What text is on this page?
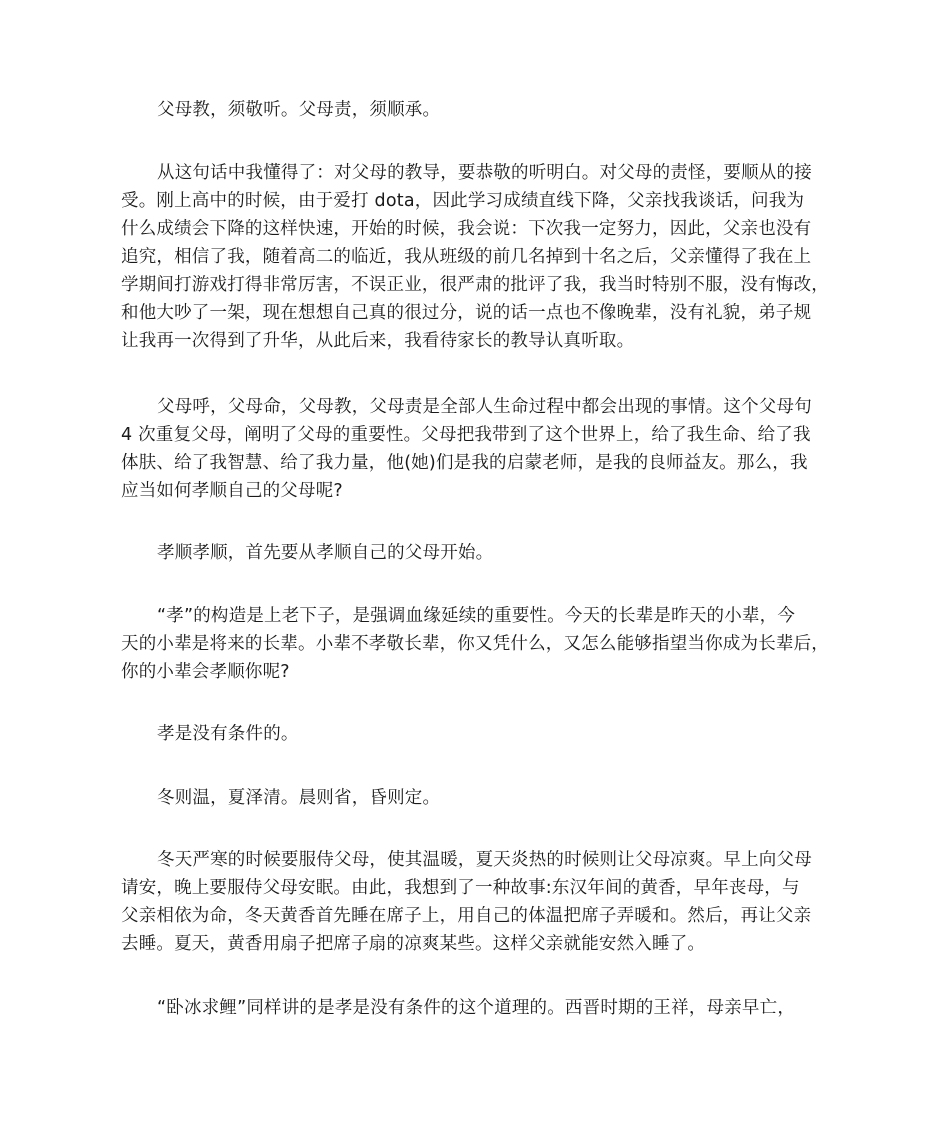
父母教，须敬听。父母责，须顺承。
从这句话中我懂得了：对父母的教导，要恭敬的听明白。对父母的责怪，要顺从的接
受。刚上高中的时候，由于爱打 dota，因此学习成绩直线下降，父亲找我谈话，问我为
什么成绩会下降的这样快速，开始的时候，我会说：下次我一定努力，因此，父亲也没有
追究，相信了我，随着高二的临近，我从班级的前几名掉到十名之后，父亲懂得了我在上
学期间打游戏打得非常厉害，不误正业，很严肃的批评了我，我当时特别不服，没有悔改，
和他大吵了一架，现在想想自己真的很过分，说的话一点也不像晚辈，没有礼貌，弟子规
让我再一次得到了升华，从此后来，我看待家长的教导认真听取。
父母呼，父母命，父母教，父母责是全部人生命过程中都会出现的事情。这个父母句
4 次重复父母，阐明了父母的重要性。父母把我带到了这个世界上，给了我生命、给了我
体肤、给了我智慧、给了我力量，他(她)们是我的启蒙老师，是我的良师益友。那么，我
应当如何孝顺自己的父母呢?
孝顺孝顺，首先要从孝顺自己的父母开始。
“孝”的构造是上老下子，是强调血缘延续的重要性。今天的长辈是昨天的小辈，今
天的小辈是将来的长辈。小辈不孝敬长辈，你又凭什么，又怎么能够指望当你成为长辈后，
你的小辈会孝顺你呢?
孝是没有条件的。
冬则温，夏泽清。晨则省，昏则定。
冬天严寒的时候要服侍父母，使其温暖，夏天炎热的时候则让父母凉爽。早上向父母
请安，晚上要服侍父母安眠。由此，我想到了一种故事:东汉年间的黄香，早年丧母，与
父亲相依为命，冬天黄香首先睡在席子上，用自己的体温把席子弄暖和。然后，再让父亲
去睡。夏天，黄香用扇子把席子扇的凉爽某些。这样父亲就能安然入睡了。
“卧冰求鲤”同样讲的是孝是没有条件的这个道理的。西晋时期的王祥，母亲早亡，
